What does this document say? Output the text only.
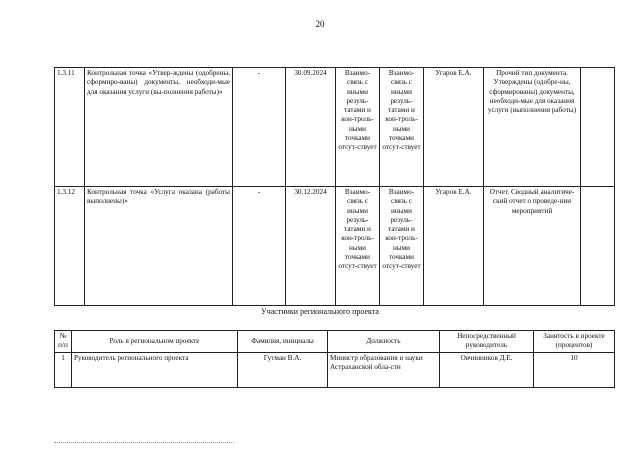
20
1.3.11	Контрольная точка «Утвер-ждены (одобрены, сформиро-ваны) документы, необходи-мые для оказания услуги (вы-полнения работы)»	-	30.09.2024	Взаимо-связь с иными резуль-татами и кон-троль-ными точками отсут-ствует	Взаимо-связь с иными резуль-татами и кон-троль-ными точками отсут-ствует	Угаров Е.А.	Прочий тип документа. Утверждены (одобре-ны, сформированы) документы, необходи-мые для оказания услуги (выполнения работы)	
1.3.12	Контрольная точка «Услуга оказана (работы выполнены)»	-	30.12.2024	Взаимо-связь с иными резуль-татами и кон-троль-ными точками отсут-ствует	Взаимо-связь с иными резуль-татами и кон-троль-ными точками отсут-ствует	Угаров Е.А.	Отчет. Сводный аналитиче-ский отчет о проведе-нии мероприятий	
Участники регионального проекта
№ п/п	Роль в региональном проекте	Фамилия, инициалы	Должность	Непосредственный руководитель	Занятость в проекте (процентов)
1	Руководитель регионального проекта	Гутман В.А.	Министр образования и науки Астраханской обла-сти	Овчинников Д.Е.	10
